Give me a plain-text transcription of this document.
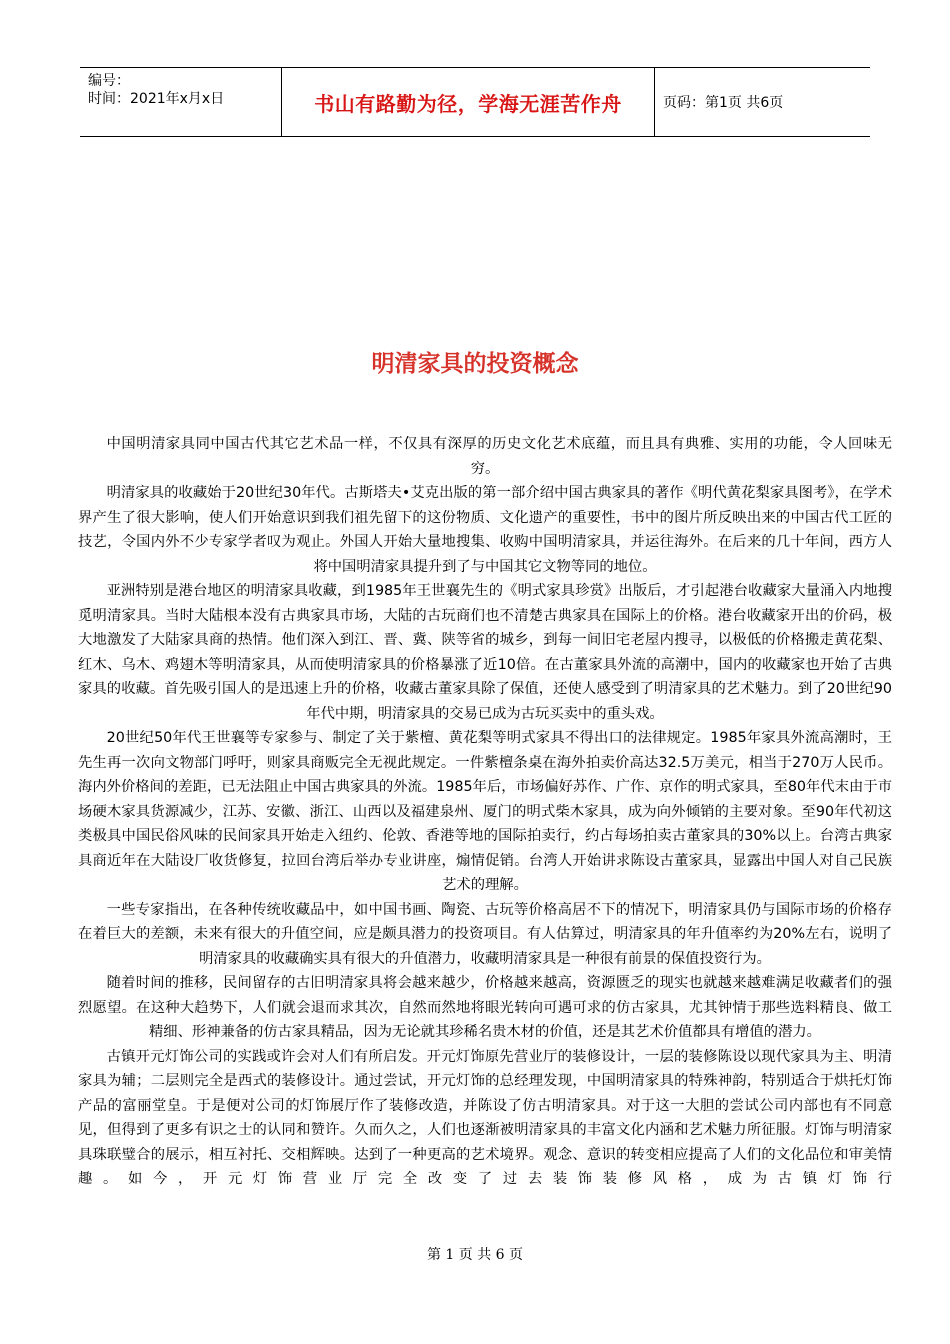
编号：
时间：2021年x月x日	书山有路勤为径，学海无涯苦作舟	页码：第1页 共6页
明清家具的投资概念

中国明清家具同中国古代其它艺术品一样，不仅具有深厚的历史文化艺术底蕴，而且具有典雅、实用的功能，令人回味无穷。

明清家具的收藏始于20世纪30年代。古斯塔夫•艾克出版的第一部介绍中国古典家具的著作《明代黄花梨家具图考》，在学术界产生了很大影响，使人们开始意识到我们祖先留下的这份物质、文化遗产的重要性，书中的图片所反映出来的中国古代工匠的技艺，令国内外不少专家学者叹为观止。外国人开始大量地搜集、收购中国明清家具，并运往海外。在后来的几十年间，西方人将中国明清家具提升到了与中国其它文物等同的地位。

亚洲特别是港台地区的明清家具收藏，到1985年王世襄先生的《明式家具珍赏》出版后，才引起港台收藏家大量涌入内地搜觅明清家具。当时大陆根本没有古典家具市场，大陆的古玩商们也不清楚古典家具在国际上的价格。港台收藏家开出的价码，极大地激发了大陆家具商的热情。他们深入到江、晋、冀、陕等省的城乡，到每一间旧宅老屋内搜寻，以极低的价格搬走黄花梨、红木、乌木、鸡翅木等明清家具，从而使明清家具的价格暴涨了近10倍。在古董家具外流的高潮中，国内的收藏家也开始了古典家具的收藏。首先吸引国人的是迅速上升的价格，收藏古董家具除了保值，还使人感受到了明清家具的艺术魅力。到了20世纪90年代中期，明清家具的交易已成为古玩买卖中的重头戏。

20世纪50年代王世襄等专家参与、制定了关于紫檀、黄花梨等明式家具不得出口的法律规定。1985年家具外流高潮时，王先生再一次向文物部门呼吁，则家具商贩完全无视此规定。一件紫檀条桌在海外拍卖价高达32.5万美元，相当于270万人民币。海内外价格间的差距，已无法阻止中国古典家具的外流。1985年后，市场偏好苏作、广作、京作的明式家具，至80年代末由于市场硬木家具货源减少，江苏、安徽、浙江、山西以及福建泉州、厦门的明式柴木家具，成为向外倾销的主要对象。至90年代初这类极具中国民俗风味的民间家具开始走入纽约、伦敦、香港等地的国际拍卖行，约占每场拍卖古董家具的30%以上。台湾古典家具商近年在大陆设厂收货修复，拉回台湾后举办专业讲座，煽情促销。台湾人开始讲求陈设古董家具，显露出中国人对自己民族艺术的理解。

一些专家指出，在各种传统收藏品中，如中国书画、陶瓷、古玩等价格高居不下的情况下，明清家具仍与国际市场的价格存在着巨大的差额，未来有很大的升值空间，应是颇具潜力的投资项目。有人估算过，明清家具的年升值率约为20%左右，说明了明清家具的收藏确实具有很大的升值潜力，收藏明清家具是一种很有前景的保值投资行为。

随着时间的推移，民间留存的古旧明清家具将会越来越少，价格越来越高，资源匮乏的现实也就越来越难满足收藏者们的强烈愿望。在这种大趋势下，人们就会退而求其次，自然而然地将眼光转向可遇可求的仿古家具，尤其钟情于那些选料精良、做工精细、形神兼备的仿古家具精品，因为无论就其珍稀名贵木材的价值，还是其艺术价值都具有增值的潜力。

古镇开元灯饰公司的实践或许会对人们有所启发。开元灯饰原先营业厅的装修设计，一层的装修陈设以现代家具为主、明清家具为辅；二层则完全是西式的装修设计。通过尝试，开元灯饰的总经理发现，中国明清家具的特殊神韵，特别适合于烘托灯饰产品的富丽堂皇。于是便对公司的灯饰展厅作了装修改造，并陈设了仿古明清家具。对于这一大胆的尝试公司内部也有不同意见，但得到了更多有识之士的认同和赞许。久而久之，人们也逐渐被明清家具的丰富文化内涵和艺术魅力所征服。灯饰与明清家具珠联璧合的展示，相互衬托、交相辉映。达到了一种更高的艺术境界。观念、意识的转变相应提高了人们的文化品位和审美情趣。如今，开元灯饰营业厅完全改变了过去装饰装修风格，成为古镇灯饰行

第 1 页 共 6 页
